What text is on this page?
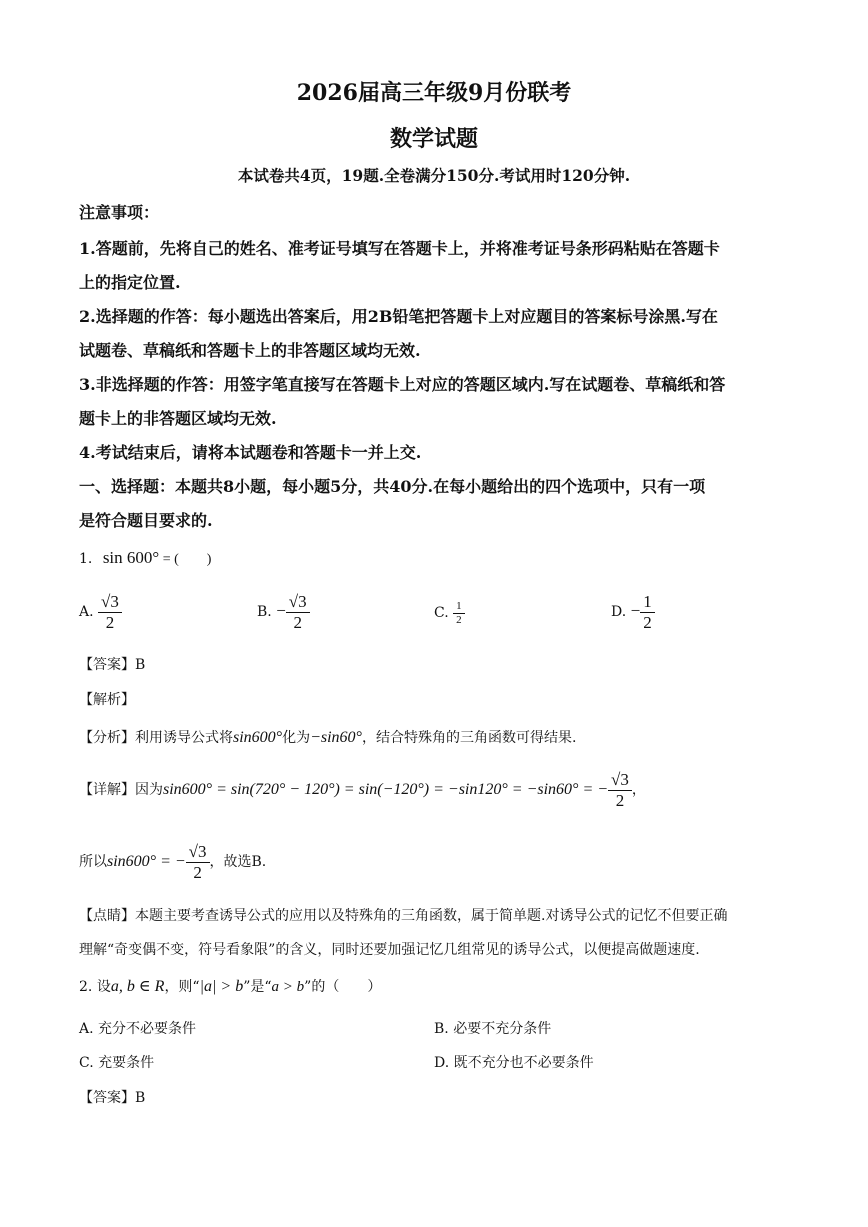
2026届高三年级9月份联考
数学试题
本试卷共4页，19题.全卷满分150分.考试用时120分钟.
注意事项：
1.答题前，先将自己的姓名、准考证号填写在答题卡上，并将准考证号条形码粘贴在答题卡
上的指定位置.
2.选择题的作答：每小题选出答案后，用2B铅笔把答题卡上对应题目的答案标号涂黑.写在
试题卷、草稿纸和答题卡上的非答题区域均无效.
3.非选择题的作答：用签字笔直接写在答题卡上对应的答题区域内.写在试题卷、草稿纸和答
题卡上的非答题区域均无效.
4.考试结束后，请将本试题卷和答题卡一并上交.
一、选择题：本题共8小题，每小题5分，共40分.在每小题给出的四个选项中，只有一项
是符合题目要求的.
1. sin 600° = (　　)
A. $\frac{√3}{2}$	B. − $\frac{√3}{2}$	C. $\frac{1}{2}$	D. − $\frac{1}{2}$
【答案】B
【解析】
【分析】利用诱导公式将sin600°化为−sin60°，结合特殊角的三角函数可得结果.
【详解】因为sin600° = sin(720° − 120°) = sin(−120°) = −sin120° = −sin60° = − $\frac{√3}{2}$ ，
所以sin600° = − $\frac{√3}{2}$ ，故选B.
【点睛】本题主要考查诱导公式的应用以及特殊角的三角函数，属于简单题.对诱导公式的记忆不但要正确
理解“奇变偶不变，符号看象限”的含义，同时还要加强记忆几组常见的诱导公式，以便提高做题速度.
2. 设a, b ∈ R，则“|a| > b”是“a > b”的（　　）
A. 充分不必要条件	B. 必要不充分条件
C. 充要条件	D. 既不充分也不必要条件
【答案】B
